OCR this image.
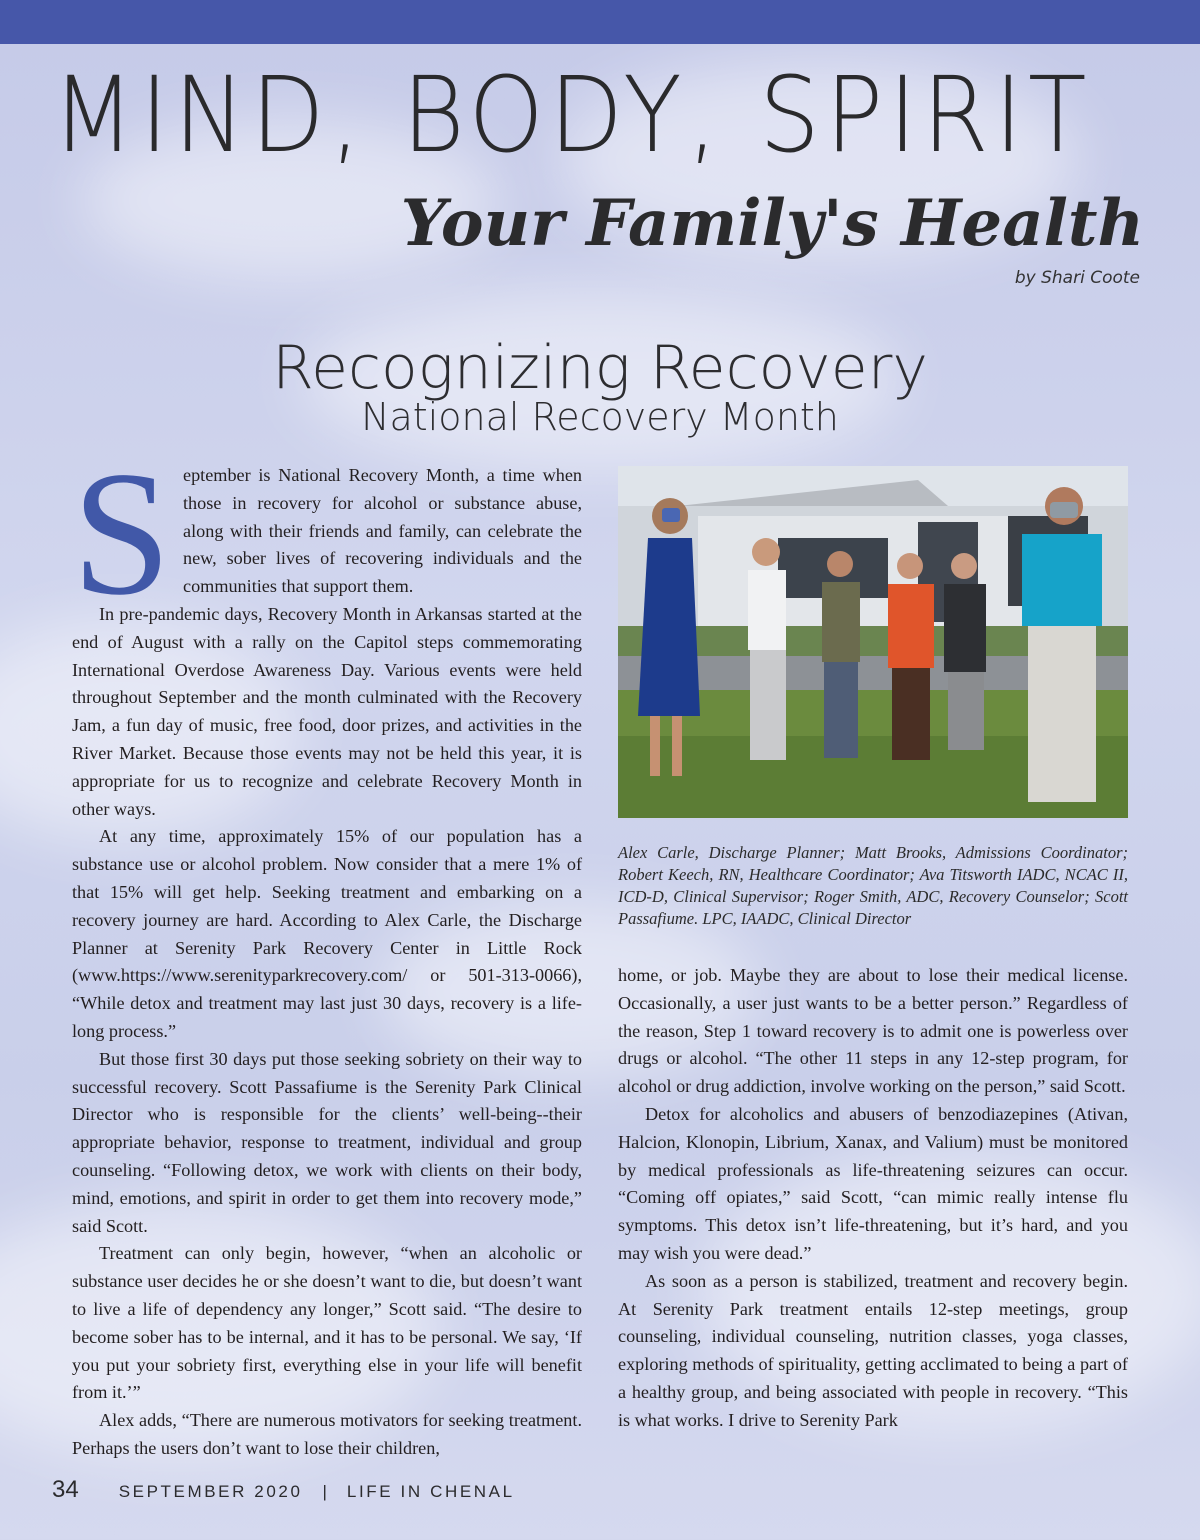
MIND, BODY, SPIRIT
Your Family's Health
by Shari Coote
Recognizing Recovery
National Recovery Month
S eptember is National Recovery Month, a time when those in recovery for alcohol or substance abuse, along with their friends and family, can celebrate the new, sober lives of recovering individuals and the communities that support them.

In pre-pandemic days, Recovery Month in Arkansas started at the end of August with a rally on the Capitol steps commemorating International Overdose Awareness Day. Various events were held throughout September and the month culminated with the Recovery Jam, a fun day of music, free food, door prizes, and activities in the River Market. Because those events may not be held this year, it is appropriate for us to recognize and celebrate Recovery Month in other ways.

At any time, approximately 15% of our population has a substance use or alcohol problem. Now consider that a mere 1% of that 15% will get help. Seeking treatment and embarking on a recovery journey are hard. According to Alex Carle, the Discharge Planner at Serenity Park Recovery Center in Little Rock (www.https://www.serenityparkrecovery.com/ or 501-313-0066), “While detox and treatment may last just 30 days, recovery is a life-long process.”

But those first 30 days put those seeking sobriety on their way to successful recovery. Scott Passafiume is the Serenity Park Clinical Director who is responsible for the clients’ well-being--their appropriate behavior, response to treatment, individual and group counseling. “Following detox, we work with clients on their body, mind, emotions, and spirit in order to get them into recovery mode,” said Scott.

Treatment can only begin, however, “when an alcoholic or substance user decides he or she doesn’t want to die, but doesn’t want to live a life of dependency any longer,” Scott said. “The desire to become sober has to be internal, and it has to be personal. We say, ‘If you put your sobriety first, everything else in your life will benefit from it.’”

Alex adds, “There are numerous motivators for seeking treatment. Perhaps the users don’t want to lose their children,

Alex Carle, Discharge Planner; Matt Brooks, Admissions Coordinator; Robert Keech, RN, Healthcare Coordinator; Ava Titsworth IADC, NCAC II, ICD-D, Clinical Supervisor; Roger Smith, ADC, Recovery Counselor; Scott Passafiume. LPC, IAADC, Clinical Director

home, or job. Maybe they are about to lose their medical license. Occasionally, a user just wants to be a better person.” Regardless of the reason, Step 1 toward recovery is to admit one is powerless over drugs or alcohol. “The other 11 steps in any 12-step program, for alcohol or drug addiction, involve working on the person,” said Scott.

Detox for alcoholics and abusers of benzodiazepines (Ativan, Halcion, Klonopin, Librium, Xanax, and Valium) must be monitored by medical professionals as life-threatening seizures can occur. “Coming off opiates,” said Scott, “can mimic really intense flu symptoms. This detox isn’t life-threatening, but it’s hard, and you may wish you were dead.”

As soon as a person is stabilized, treatment and recovery begin. At Serenity Park treatment entails 12-step meetings, group counseling, individual counseling, nutrition classes, yoga classes, exploring methods of spirituality, getting acclimated to being a part of a healthy group, and being associated with people in recovery. “This is what works. I drive to Serenity Park

34 SEPTEMBER 2020 | LIFE IN CHENAL
